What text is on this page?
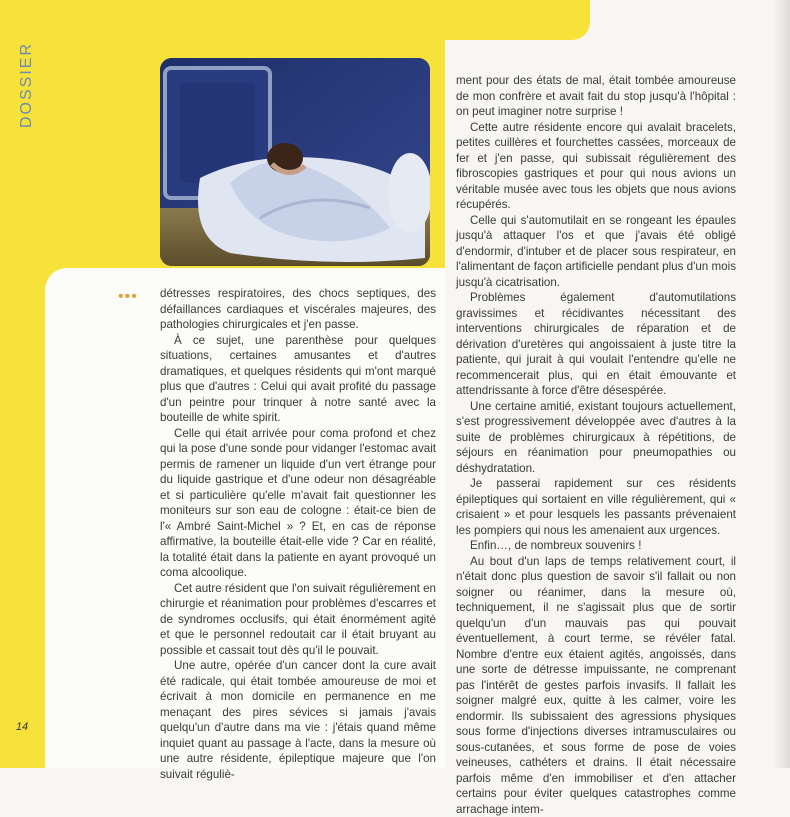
DOSSIER
••• détresses respiratoires, des chocs septiques, des défaillances cardiaques et viscérales majeures, des pathologies chirurgicales et j'en passe.

À ce sujet, une parenthèse pour quelques situations, certaines amusantes et d'autres dramatiques, et quelques résidents qui m'ont marqué plus que d'autres : Celui qui avait profité du passage d'un peintre pour trinquer à notre santé avec la bouteille de white spirit.

Celle qui était arrivée pour coma profond et chez qui la pose d'une sonde pour vidanger l'estomac avait permis de ramener un liquide d'un vert étrange pour du liquide gastrique et d'une odeur non désagréable et si particulière qu'elle m'avait fait questionner les moniteurs sur son eau de cologne : était-ce bien de l'« Ambré Saint-Michel » ? Et, en cas de réponse affirmative, la bouteille était-elle vide ? Car en réalité, la totalité était dans la patiente en ayant provoqué un coma alcoolique.

Cet autre résident que l'on suivait régulièrement en chirurgie et réanimation pour problèmes d'escarres et de syndromes occlusifs, qui était énormément agité et que le personnel redoutait car il était bruyant au possible et cassait tout dès qu'il le pouvait.

Une autre, opérée d'un cancer dont la cure avait été radicale, qui était tombée amoureuse de moi et écrivait à mon domicile en permanence en me menaçant des pires sévices si jamais j'avais quelqu'un d'autre dans ma vie : j'étais quand même inquiet quant au passage à l'acte, dans la mesure où une autre résidente, épileptique majeure que l'on suivait réguliè-

ment pour des états de mal, était tombée amoureuse de mon confrère et avait fait du stop jusqu'à l'hôpital : on peut imaginer notre surprise !

Cette autre résidente encore qui avalait bracelets, petites cuillères et fourchettes cassées, morceaux de fer et j'en passe, qui subissait régulièrement des fibroscopies gastriques et pour qui nous avions un véritable musée avec tous les objets que nous avions récupérés.

Celle qui s'automutilait en se rongeant les épaules jusqu'à attaquer l'os et que j'avais été obligé d'endormir, d'intuber et de placer sous respirateur, en l'alimentant de façon artificielle pendant plus d'un mois jusqu'à cicatrisation.

Problèmes également d'automutilations gravissimes et récidivantes nécessitant des interventions chirurgicales de réparation et de dérivation d'uretères qui angoissaient à juste titre la patiente, qui jurait à qui voulait l'entendre qu'elle ne recommencerait plus, qui en était émouvante et attendrissante à force d'être désespérée.

Une certaine amitié, existant toujours actuellement, s'est progressivement développée avec d'autres à la suite de problèmes chirurgicaux à répétitions, de séjours en réanimation pour pneumopathies ou déshydratation.

Je passerai rapidement sur ces résidents épileptiques qui sortaient en ville régulièrement, qui « crisaient » et pour lesquels les passants prévenaient les pompiers qui nous les amenaient aux urgences.

Enfin…, de nombreux souvenirs !

Au bout d'un laps de temps relativement court, il n'était donc plus question de savoir s'il fallait ou non soigner ou réanimer, dans la mesure où, techniquement, il ne s'agissait plus que de sortir quelqu'un d'un mauvais pas qui pouvait éventuellement, à court terme, se révéler fatal. Nombre d'entre eux étaient agités, angoissés, dans une sorte de détresse impuissante, ne comprenant pas l'intérêt de gestes parfois invasifs. Il fallait les soigner malgré eux, quitte à les calmer, voire les endormir. Ils subissaient des agressions physiques sous forme d'injections diverses intramusculaires ou sous-cutanées, et sous forme de pose de voies veineuses, cathéters et drains. Il était nécessaire parfois même d'en immobiliser et d'en attacher certains pour éviter quelques catastrophes comme arrachage intem-

14
